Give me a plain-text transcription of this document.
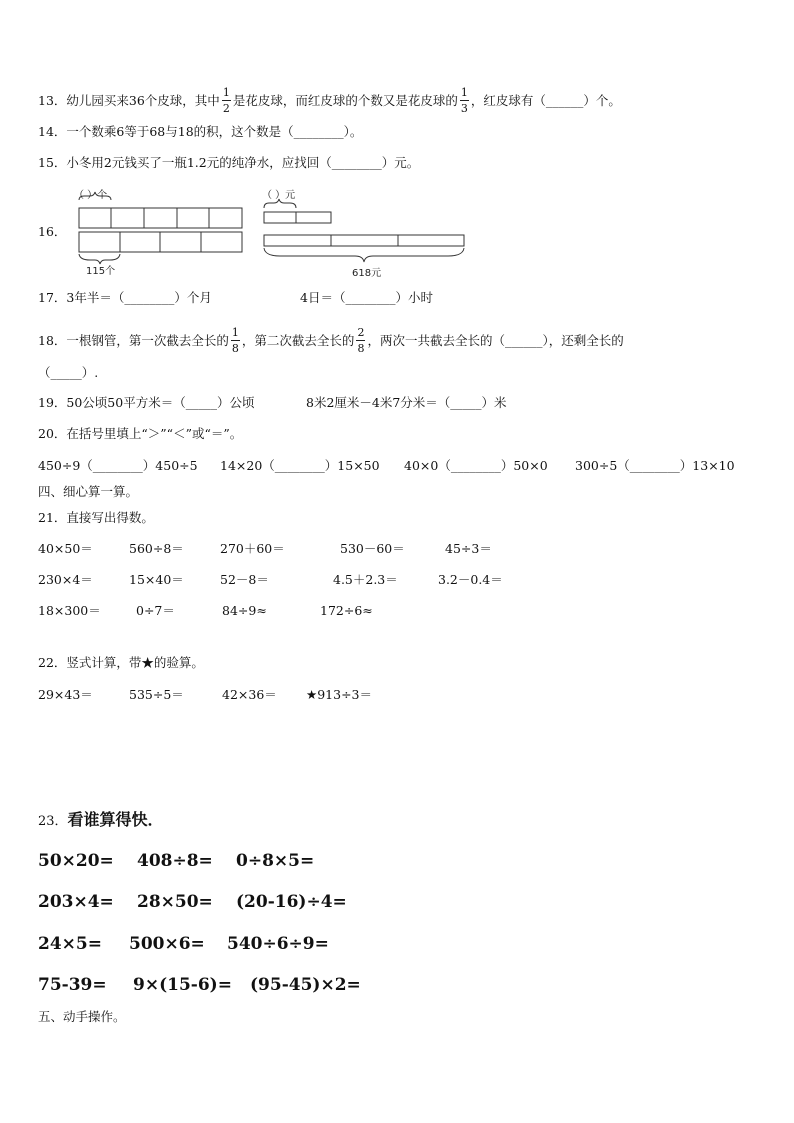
13．幼儿园买来36个皮球，其中 $\frac{1}{2}$ 是花皮球，而红皮球的个数又是花皮球的 $\frac{1}{3}$ ，红皮球有（______）个。
14．一个数乘6等于68与18的积，这个数是（________）。
15．小冬用2元钱买了一瓶1.2元的纯净水，应找回（________）元。
16．
（ ）个
115个
（ ）元
618元
17．3年半＝（________）个月	4日＝（________）小时
18．一根钢管，第一次截去全长的 $\frac{1}{8}$ ，第二次截去全长的 $\frac{2}{8}$ ，两次一共截去全长的（______），还剩全长的
（_____）.
19．50公顷50平方米＝（_____）公顷	8米2厘米－4米7分米＝（_____）米
20．在括号里填上“＞”“＜”或“＝”。
450÷9（________）450÷5 14×20（________）15×50 40×0（________）50×0 300÷5（________）13×10
四、细心算一算。
21．直接写出得数。
40×50＝	560÷8＝	270＋60＝	530－60＝	45÷3＝
230×4＝	15×40＝	52－8＝	4.5＋2.3＝	3.2－0.4＝
18×300＝	0÷7＝	84÷9≈	172÷6≈
22．竖式计算，带★的验算。
29×43＝	535÷5＝	42×36＝ ★913÷3＝
23．看谁算得快．
50×20= 408÷8= 0÷8×5=
203×4= 28×50= (20-16)÷4=
24×5= 500×6= 540÷6÷9=
75-39= 9×(15-6)= (95-45)×2=
五、动手操作。
